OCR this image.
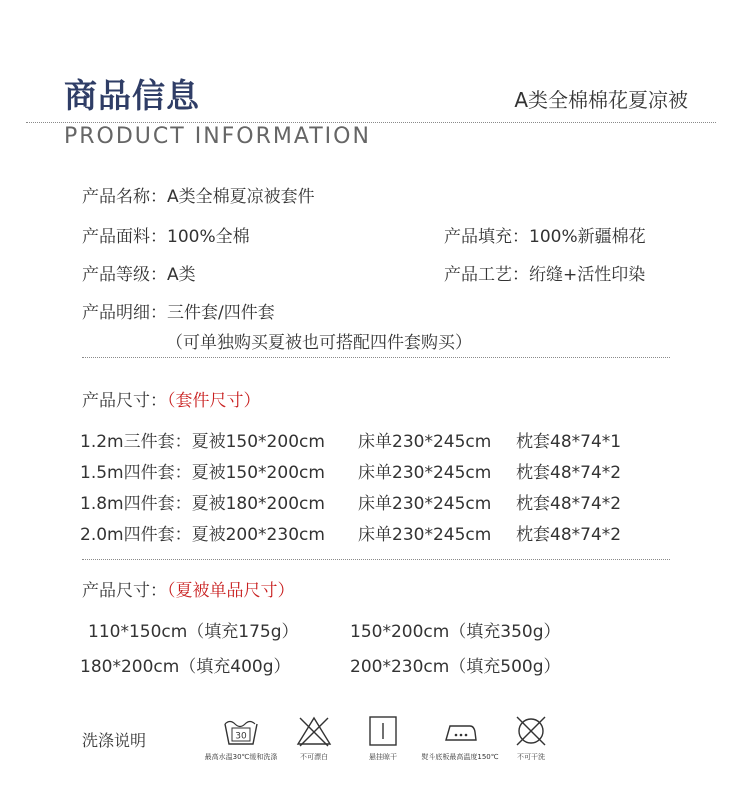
商品信息	A类全棉棉花夏凉被
PRODUCT INFORMATION
产品名称：A类全棉夏凉被套件
产品面料：100%全棉	产品填充：100%新疆棉花
产品等级：A类	产品工艺：绗缝+活性印染
产品明细：三件套/四件套
（可单独购买夏被也可搭配四件套购买）
产品尺寸：（套件尺寸）
1.2m三件套：夏被150*200cm 床单230*245cm 枕套48*74*1
1.5m四件套：夏被150*200cm 床单230*245cm 枕套48*74*2
1.8m四件套：夏被180*200cm 床单230*245cm 枕套48*74*2
2.0m四件套：夏被200*230cm 床单230*245cm 枕套48*74*2
产品尺寸：（夏被单品尺寸）
110*150cm（填充175g）	150*200cm（填充350g）
180*200cm（填充400g）	200*230cm（填充500g）
洗涤说明	30
最高水温30℃缓和洗涤	不可漂白	悬挂晾干	熨斗底板最高温度150℃	不可干洗
